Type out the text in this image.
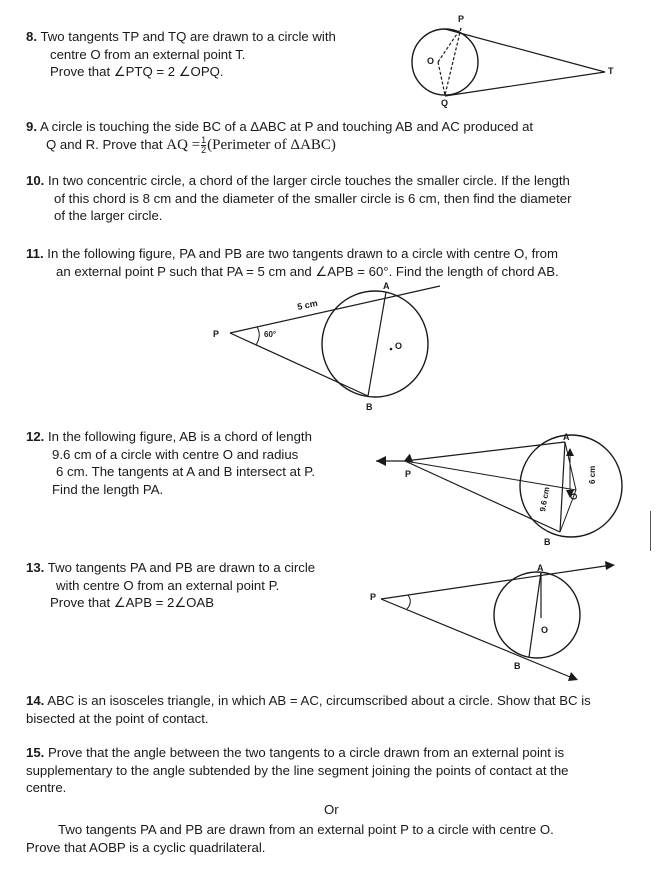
8. Two tangents TP and TQ are drawn to a circle with
centre O from an external point T.
Prove that ∠PTQ = 2 ∠OPQ.
P
O
Q
T
9. A circle is touching the side BC of a ΔABC at P and touching AB and AC produced at
Q and R. Prove that AQ = $\frac{1}{2}$ (Perimeter of ΔABC)
10. In two concentric circle, a chord of the larger circle touches the smaller circle. If the length
of this chord is 8 cm and the diameter of the smaller circle is 6 cm, then find the diameter
of the larger circle.
11. In the following figure, PA and PB are two tangents drawn to a circle with centre O, from
an external point P such that PA = 5 cm and ∠APB = 60°. Find the length of chord AB.
A
P
B
O
5 cm
60°
12. In the following figure, AB is a chord of length
9.6 cm of a circle with centre O and radius
6 cm. The tangents at A and B intersect at P.
Find the length PA.
A
P
B
O
6 cm
9.6 cm
13. Two tangents PA and PB are drawn to a circle
with centre O from an external point P.
Prove that ∠APB = 2∠OAB
A
P
B
O
14. ABC is an isosceles triangle, in which AB = AC, circumscribed about a circle. Show that BC is
bisected at the point of contact.
15. Prove that the angle between the two tangents to a circle drawn from an external point is
supplementary to the angle subtended by the line segment joining the points of contact at the
centre.
Or
Two tangents PA and PB are drawn from an external point P to a circle with centre O.
Prove that AOBP is a cyclic quadrilateral.
